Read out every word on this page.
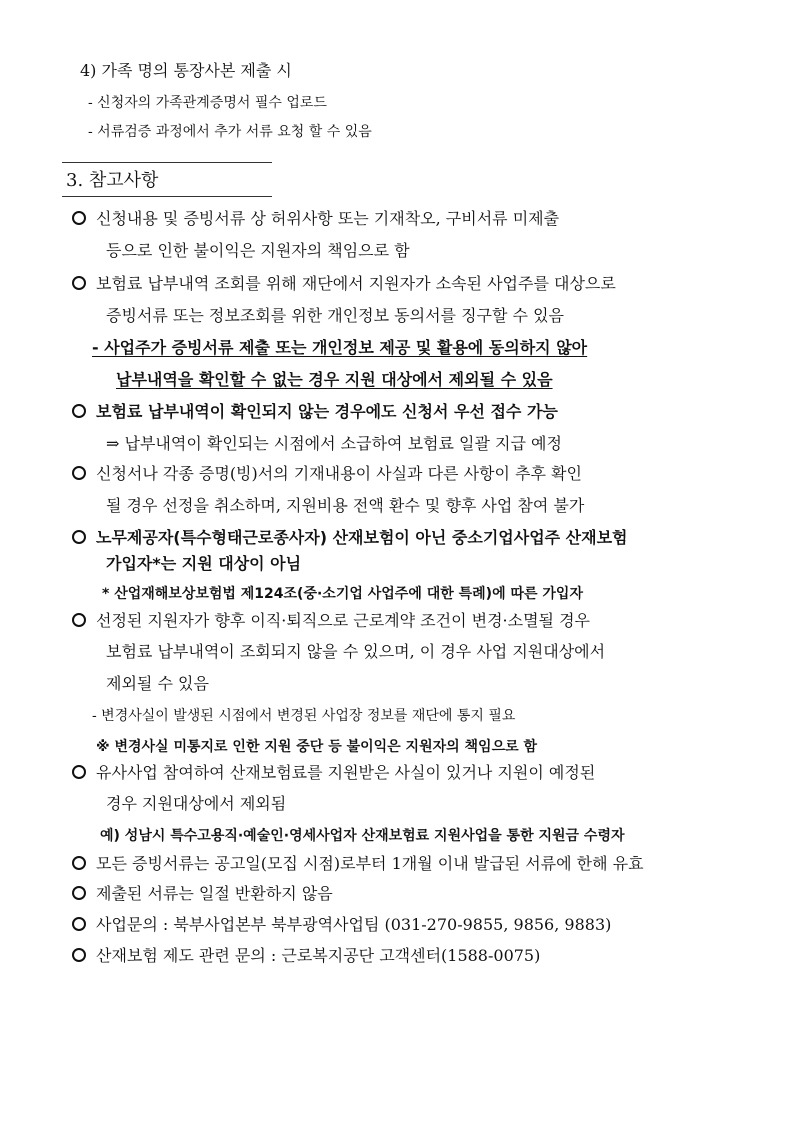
4) 가족 명의 통장사본 제출 시
- 신청자의 가족관계증명서 필수 업로드
- 서류검증 과정에서 추가 서류 요청 할 수 있음
3. 참고사항
신청내용 및 증빙서류 상 허위사항 또는 기재착오, 구비서류 미제출
등으로 인한 불이익은 지원자의 책임으로 함
보험료 납부내역 조회를 위해 재단에서 지원자가 소속된 사업주를 대상으로
증빙서류 또는 정보조회를 위한 개인정보 동의서를 징구할 수 있음
- 사업주가 증빙서류 제출 또는 개인정보 제공 및 활용에 동의하지 않아
납부내역을 확인할 수 없는 경우 지원 대상에서 제외될 수 있음
보험료 납부내역이 확인되지 않는 경우에도 신청서 우선 접수 가능
⇒ 납부내역이 확인되는 시점에서 소급하여 보험료 일괄 지급 예정
신청서나 각종 증명(빙)서의 기재내용이 사실과 다른 사항이 추후 확인
될 경우 선정을 취소하며, 지원비용 전액 환수 및 향후 사업 참여 불가
노무제공자(특수형태근로종사자) 산재보험이 아닌 중소기업사업주 산재보험
가입자*는 지원 대상이 아님
* 산업재해보상보험법 제124조(중·소기업 사업주에 대한 특례)에 따른 가입자
선정된 지원자가 향후 이직·퇴직으로 근로계약 조건이 변경·소멸될 경우
보험료 납부내역이 조회되지 않을 수 있으며, 이 경우 사업 지원대상에서
제외될 수 있음
- 변경사실이 발생된 시점에서 변경된 사업장 정보를 재단에 통지 필요
※ 변경사실 미통지로 인한 지원 중단 등 불이익은 지원자의 책임으로 함
유사사업 참여하여 산재보험료를 지원받은 사실이 있거나 지원이 예정된
경우 지원대상에서 제외됨
예) 성남시 특수고용직·예술인·영세사업자 산재보험료 지원사업을 통한 지원금 수령자
모든 증빙서류는 공고일(모집 시점)로부터 1개월 이내 발급된 서류에 한해 유효
제출된 서류는 일절 반환하지 않음
사업문의 : 북부사업본부 북부광역사업팀 (031-270-9855, 9856, 9883)
산재보험 제도 관련 문의 : 근로복지공단 고객센터(1588-0075)
